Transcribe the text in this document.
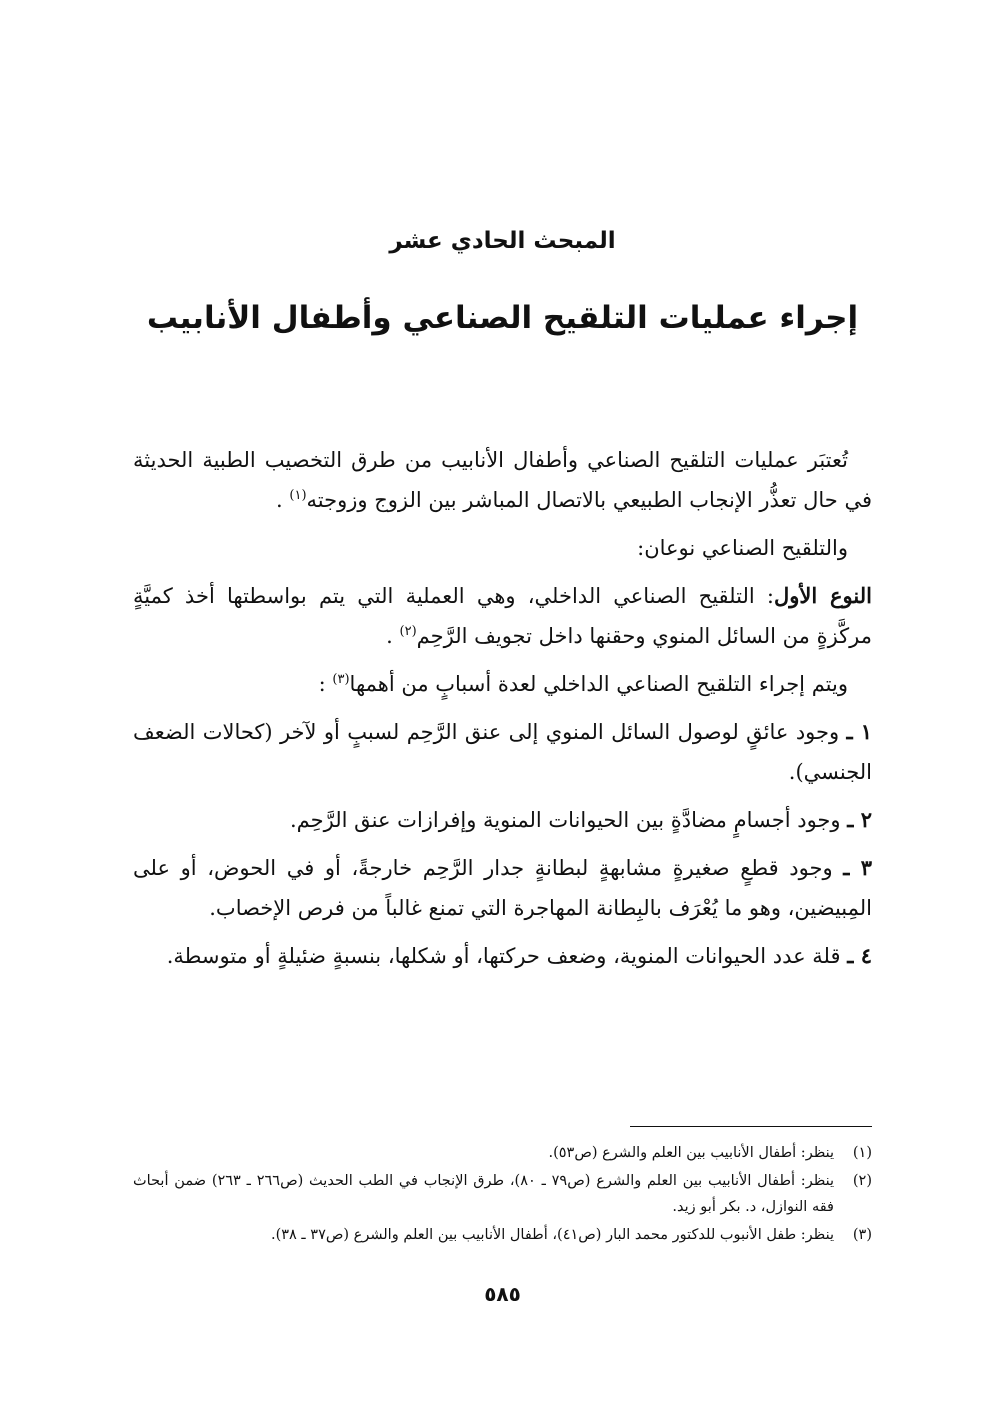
المبحث الحادي عشر
إجراء عمليات التلقيح الصناعي وأطفال الأنابيب

تُعتبَر عمليات التلقيح الصناعي وأطفال الأنابيب من طرق التخصيب الطبية الحديثة في حال تعذُّر الإنجاب الطبيعي بالاتصال المباشر بين الزوج وزوجته$^{(١)}$ .

والتلقيح الصناعي نوعان:

النوع الأول: التلقيح الصناعي الداخلي، وهي العملية التي يتم بواسطتها أخذ كميَّةٍ مركَّزةٍ من السائل المنوي وحقنها داخل تجويف الرَّحِم$^{(٢)}$ .

ويتم إجراء التلقيح الصناعي الداخلي لعدة أسبابٍ من أهمها$^{(٣)}$ :

١ ـ وجود عائقٍ لوصول السائل المنوي إلى عنق الرَّحِم لسببٍ أو لآخر (كحالات الضعف الجنسي).

٢ ـ وجود أجسامٍ مضادَّةٍ بين الحيوانات المنوية وإفرازات عنق الرَّحِم.

٣ ـ وجود قطعٍ صغيرةٍ مشابهةٍ لبطانةٍ جدار الرَّحِم خارجةً، أو في الحوض، أو على المِبيضين، وهو ما يُعْرَف بالبِطانة المهاجرة التي تمنع غالباً من فرص الإخصاب.

٤ ـ قلة عدد الحيوانات المنوية، وضعف حركتها، أو شكلها، بنسبةٍ ضئيلةٍ أو متوسطة.

(١)
ينظر: أطفال الأنابيب بين العلم والشرع (ص٥٣).
(٢)
ينظر: أطفال الأنابيب بين العلم والشرع (ص٧٩ ـ ٨٠)، طرق الإنجاب في الطب الحديث (ص٢٦٦ ـ ٢٦٣) ضمن أبحاث فقه النوازل، د. بكر أبو زيد.
(٣)
ينظر: طفل الأنبوب للدكتور محمد البار (ص٤١)، أطفال الأنابيب بين العلم والشرع (ص٣٧ ـ ٣٨).
٥٨٥
